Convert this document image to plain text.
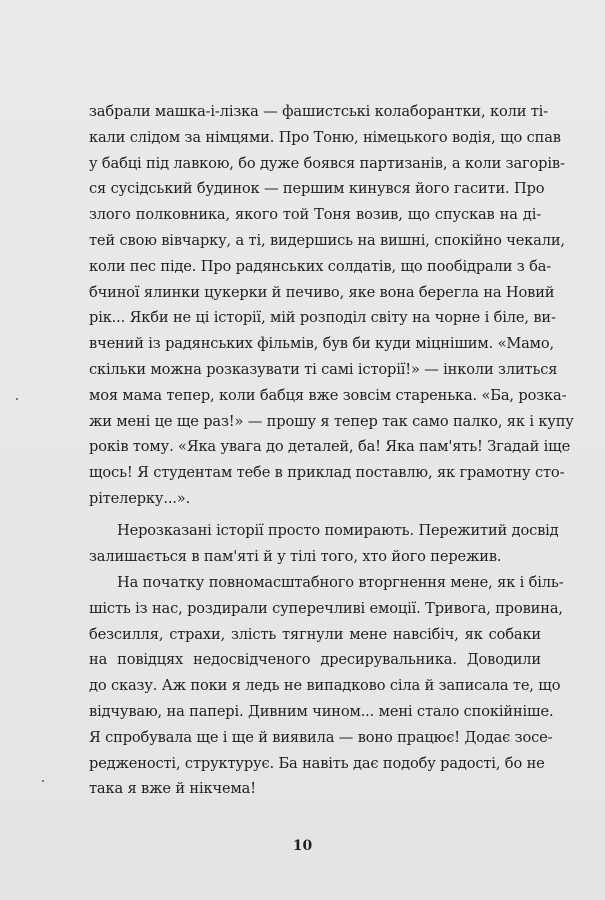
забрали машка-і-лізка — фашистські колаборантки, коли ті-
кали слідом за німцями. Про Тоню, німецького водія, що спав
у бабці під лавкою, бо дуже боявся партизанів, а коли загорів-
ся сусідський будинок — першим кинувся його гасити. Про
злого полковника, якого той Тоня возив, що спускав на ді-
тей свою вівчарку, а ті, видершись на вишні, спокійно чекали,
коли пес піде. Про радянських солдатів, що пообідрали з ба-
бчиної ялинки цукерки й печиво, яке вона берегла на Новий
рік... Якби не ці історії, мій розподіл світу на чорне і біле, ви-
вчений із радянських фільмів, був би куди міцнішим. «Мамо,
скільки можна розказувати ті самі історії!» — інколи злиться
моя мама тепер, коли бабця вже зовсім старенька. «Ба, розка-
жи мені це ще раз!» — прошу я тепер так само палко, як і купу
років тому. «Яка увага до деталей, ба! Яка пам'ять! Згадай іще
щось! Я студентам тебе в приклад поставлю, як грамотну сто-
рітелерку...».
Нерозказані історії просто помирають. Пережитий досвід
залишається в пам'яті й у тілі того, хто його пережив.
На початку повномасштабного вторгнення мене, як і біль-
шість із нас, роздирали суперечливі емоції. Тривога, провина,
безсилля, страхи, злість тягнули мене навсібіч, як собаки
на повідцях недосвідченого дресирувальника. Доводили
до сказу. Аж поки я ледь не випадково сіла й записала те, що
відчуваю, на папері. Дивним чином... мені стало спокійніше.
Я спробувала ще і ще й виявила — воно працює! Додає зосе-
редженості, структурує. Ба навіть дає подобу радості, бо не
така я вже й нікчема!
10
